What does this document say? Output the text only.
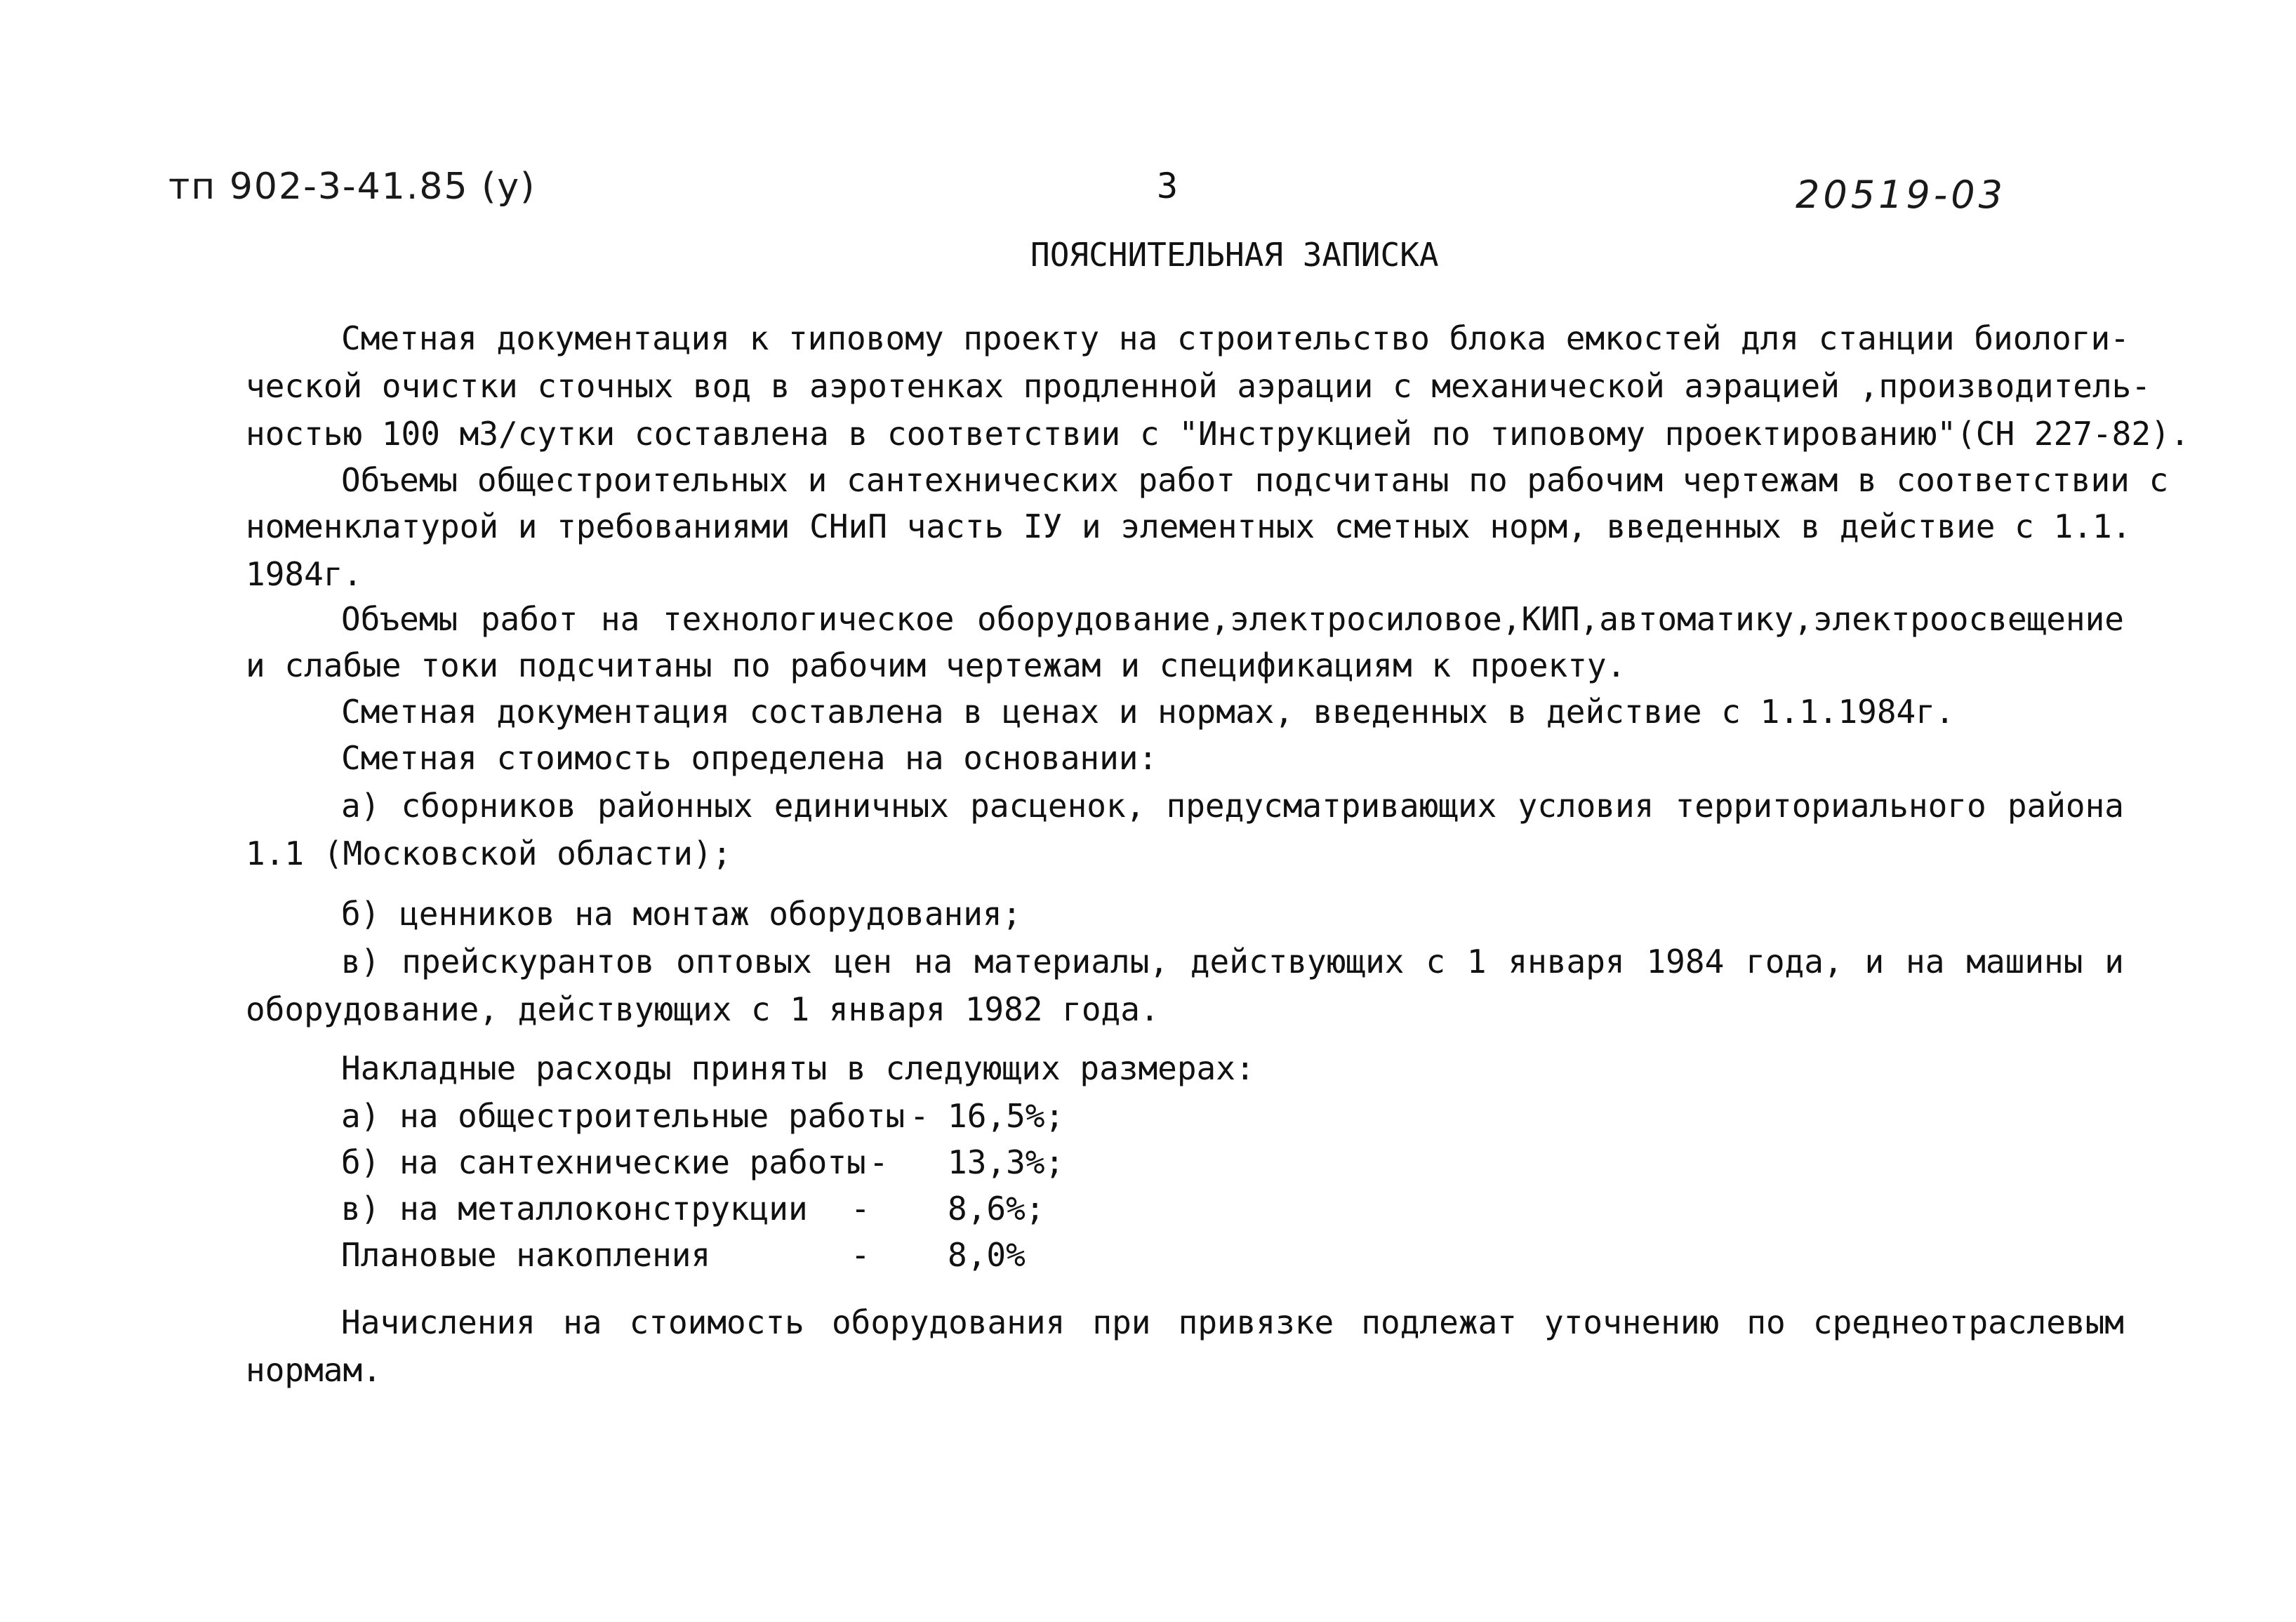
тп 902-3-41.85 (у)	3	20519-03
ПОЯСНИТЕЛЬНАЯ ЗАПИСКА
Сметная документация к типовому проекту на строительство блока емкостей для станции биологи-
ческой очистки сточных вод в аэротенках продленной аэрации с механической аэрацией ,производитель-
ностью 100 м3/сутки составлена в соответствии с "Инструкцией по типовому проектированию"(СН 227-82).
Объемы общестроительных и сантехнических работ подсчитаны по рабочим чертежам в соответствии с
номенклатурой и требованиями СНиП часть IУ и элементных сметных норм, введенных в действие с 1.1.
1984г.
Объемы работ на технологическое оборудование,электросиловое,КИП,автоматику,электроосвещение
и слабые токи подсчитаны по рабочим чертежам и спецификациям к проекту.
Сметная документация составлена в ценах и нормах, введенных в действие с 1.1.1984г.
Сметная стоимость определена на основании:
а) сборников районных единичных расценок, предусматривающих условия территориального района
1.1 (Московской области);
б) ценников на монтаж оборудования;
в) прейскурантов оптовых цен на материалы, действующих с 1 января 1984 года, и на машины и
оборудование, действующих с 1 января 1982 года.
Накладные расходы приняты в следующих размерах:
а) на общестроительные работы - 16,5%;
б) на сантехнические работы - 13,3%;
в) на металлоконструкции - 8,6%;
Плановые накопления	- 8,0%
Начисления на стоимость оборудования при привязке подлежат уточнению по среднеотраслевым
нормам.
